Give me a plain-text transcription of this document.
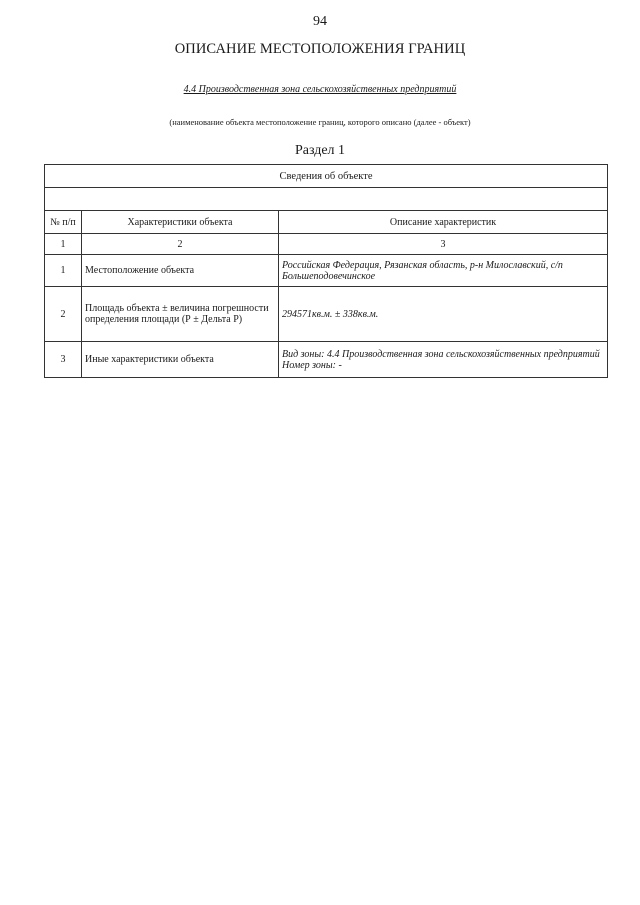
94
ОПИСАНИЕ МЕСТОПОЛОЖЕНИЯ ГРАНИЦ
4.4 Производственная зона сельскохозяйственных предприятий
(наименование объекта местоположение границ, которого описано (далее - объект)
Раздел 1
Сведения об объекте		

№ п/п	Характеристики объекта	Описание характеристик
1	2	3
1	Местоположение объекта	Российская Федерация, Рязанская область, р-н Милославский, с/п Большеподовечинское
2	Площадь объекта ± величина погрешности определения площади (Р ± Дельта Р)	294571кв.м. ± 338кв.м.
3	Иные характеристики объекта	Вид зоны: 4.4 Производственная зона сельскохозяйственных предприятий
Номер зоны: -
